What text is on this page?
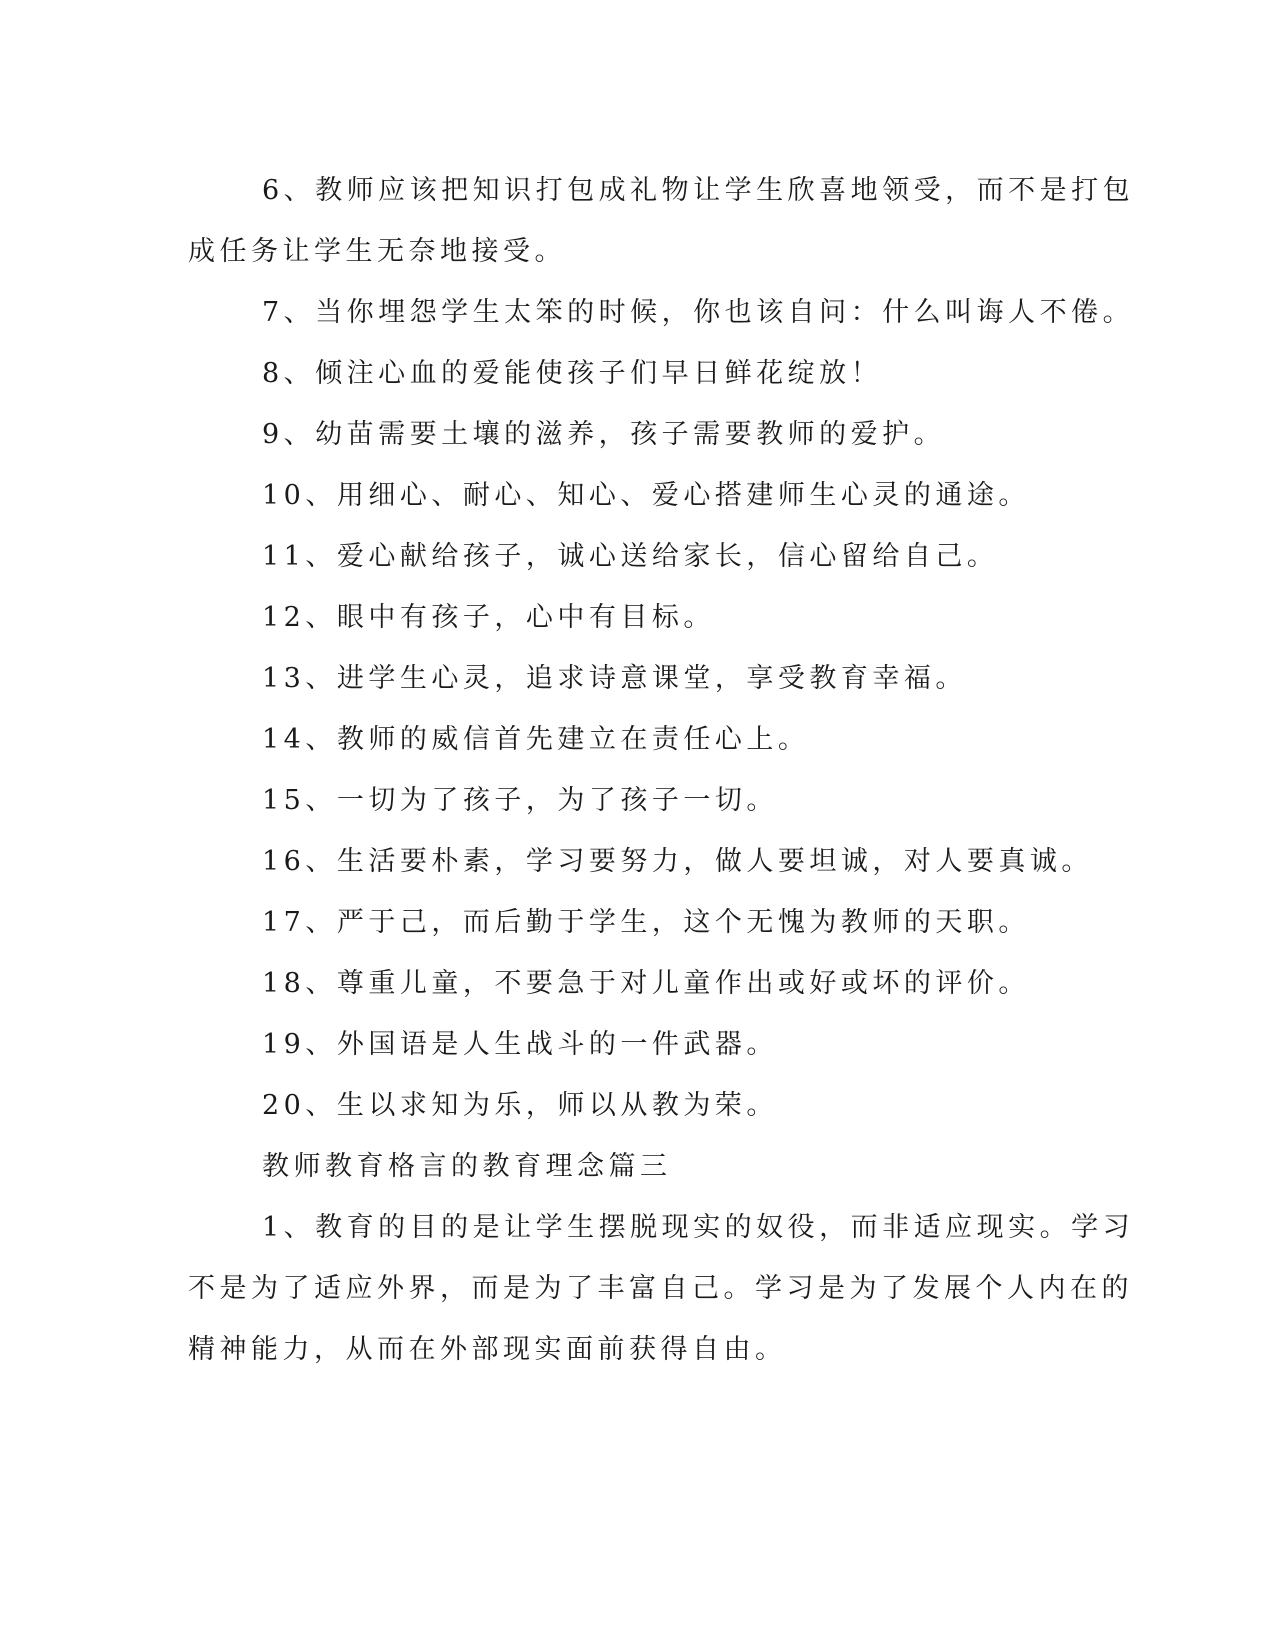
6、教师应该把知识打包成礼物让学生欣喜地领受，而不是打包

成任务让学生无奈地接受。

7、当你埋怨学生太笨的时候，你也该自问：什么叫诲人不倦。

8、倾注心血的爱能使孩子们早日鲜花绽放！

9、幼苗需要土壤的滋养，孩子需要教师的爱护。

10、用细心、耐心、知心、爱心搭建师生心灵的通途。

11、爱心献给孩子，诚心送给家长，信心留给自己。

12、眼中有孩子，心中有目标。

13、进学生心灵，追求诗意课堂，享受教育幸福。

14、教师的威信首先建立在责任心上。

15、一切为了孩子，为了孩子一切。

16、生活要朴素，学习要努力，做人要坦诚，对人要真诚。

17、严于己，而后勤于学生，这个无愧为教师的天职。

18、尊重儿童，不要急于对儿童作出或好或坏的评价。

19、外国语是人生战斗的一件武器。

20、生以求知为乐，师以从教为荣。

教师教育格言的教育理念篇三

1、教育的目的是让学生摆脱现实的奴役，而非适应现实。学习

不是为了适应外界，而是为了丰富自己。学习是为了发展个人内在的

精神能力，从而在外部现实面前获得自由。
